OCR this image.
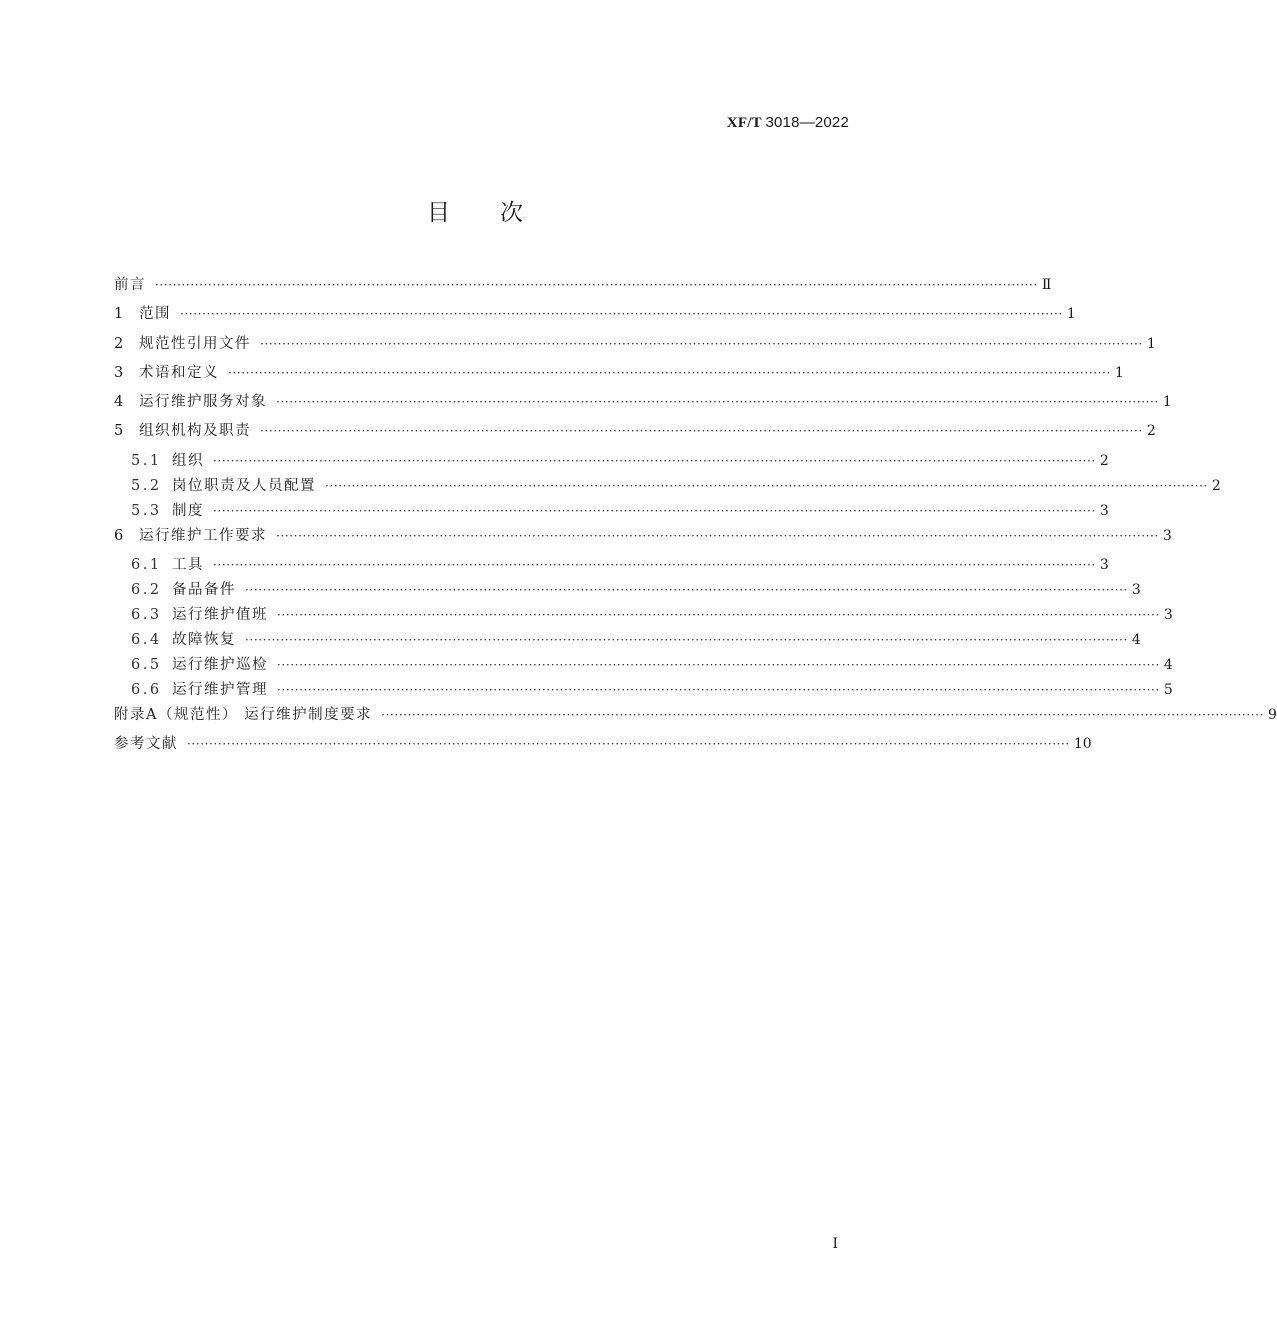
XF/T 3018—2022
目次
前言 ········································································································································································································ Ⅱ
1 范围 ········································································································································································································ 1
2 规范性引用文件 ········································································································································································································ 1
3 术语和定义 ········································································································································································································ 1
4 运行维护服务对象 ········································································································································································································ 1
5 组织机构及职责 ········································································································································································································ 2
5.1 组织 ········································································································································································································ 2
5.2 岗位职责及人员配置 ········································································································································································································ 2
5.3 制度 ········································································································································································································ 3
6 运行维护工作要求 ········································································································································································································ 3
6.1 工具 ········································································································································································································ 3
6.2 备品备件 ········································································································································································································ 3
6.3 运行维护值班 ········································································································································································································ 3
6.4 故障恢复 ········································································································································································································ 4
6.5 运行维护巡检 ········································································································································································································ 4
6.6 运行维护管理 ········································································································································································································ 5
附录A（规范性） 运行维护制度要求 ········································································································································································································ 9
参考文献 ········································································································································································································ 10
Ⅰ
